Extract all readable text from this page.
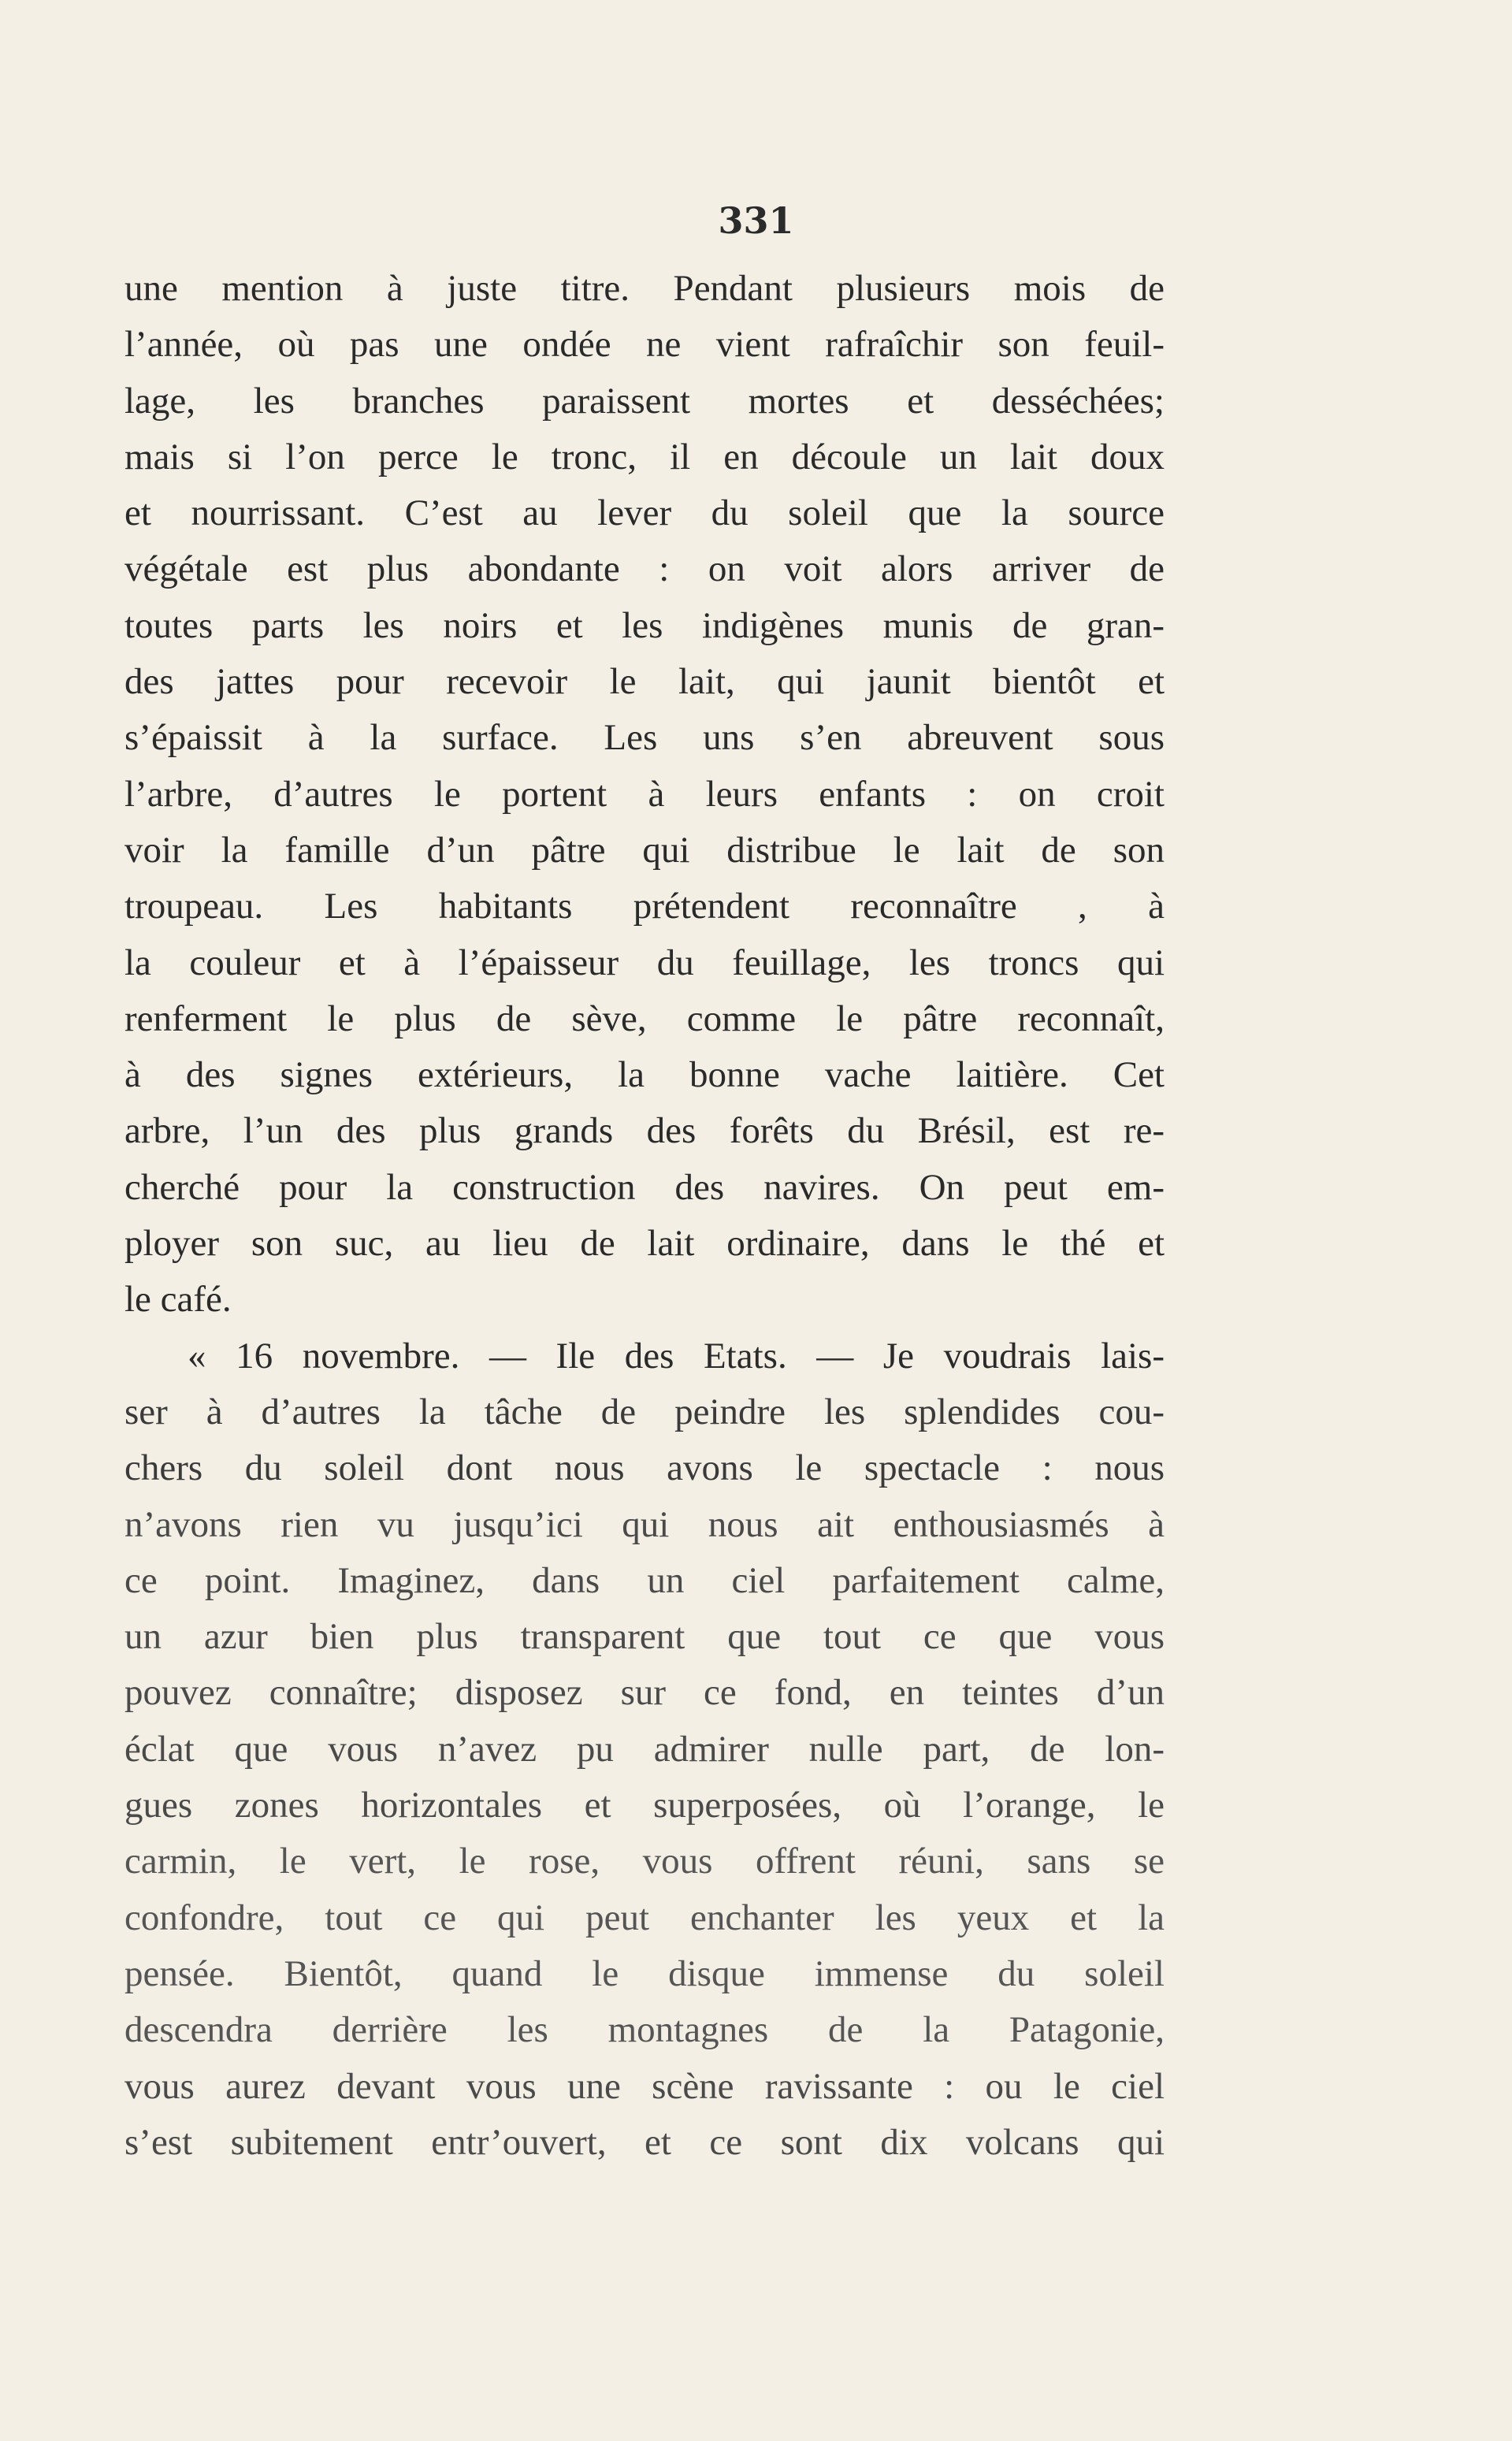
331
une mention à juste titre. Pendant plusieurs mois de
l’année, où pas une ondée ne vient rafraîchir son feuil-
lage, les branches paraissent mortes et desséchées;
mais si l’on perce le tronc, il en découle un lait doux
et nourrissant. C’est au lever du soleil que la source
végétale est plus abondante : on voit alors arriver de
toutes parts les noirs et les indigènes munis de gran-
des jattes pour recevoir le lait, qui jaunit bientôt et
s’épaissit à la surface. Les uns s’en abreuvent sous
l’arbre, d’autres le portent à leurs enfants : on croit
voir la famille d’un pâtre qui distribue le lait de son
troupeau. Les habitants prétendent reconnaître , à
la couleur et à l’épaisseur du feuillage, les troncs qui
renferment le plus de sève, comme le pâtre reconnaît,
à des signes extérieurs, la bonne vache laitière. Cet
arbre, l’un des plus grands des forêts du Brésil, est re-
cherché pour la construction des navires. On peut em-
ployer son suc, au lieu de lait ordinaire, dans le thé et
le café.
« 16 novembre. — Ile des Etats. — Je voudrais lais-
ser à d’autres la tâche de peindre les splendides cou-
chers du soleil dont nous avons le spectacle : nous
n’avons rien vu jusqu’ici qui nous ait enthousiasmés à
ce point. Imaginez, dans un ciel parfaitement calme,
un azur bien plus transparent que tout ce que vous
pouvez connaître; disposez sur ce fond, en teintes d’un
éclat que vous n’avez pu admirer nulle part, de lon-
gues zones horizontales et superposées, où l’orange, le
carmin, le vert, le rose, vous offrent réuni, sans se
confondre, tout ce qui peut enchanter les yeux et la
pensée. Bientôt, quand le disque immense du soleil
descendra derrière les montagnes de la Patagonie,
vous aurez devant vous une scène ravissante : ou le ciel
s’est subitement entr’ouvert, et ce sont dix volcans qui
